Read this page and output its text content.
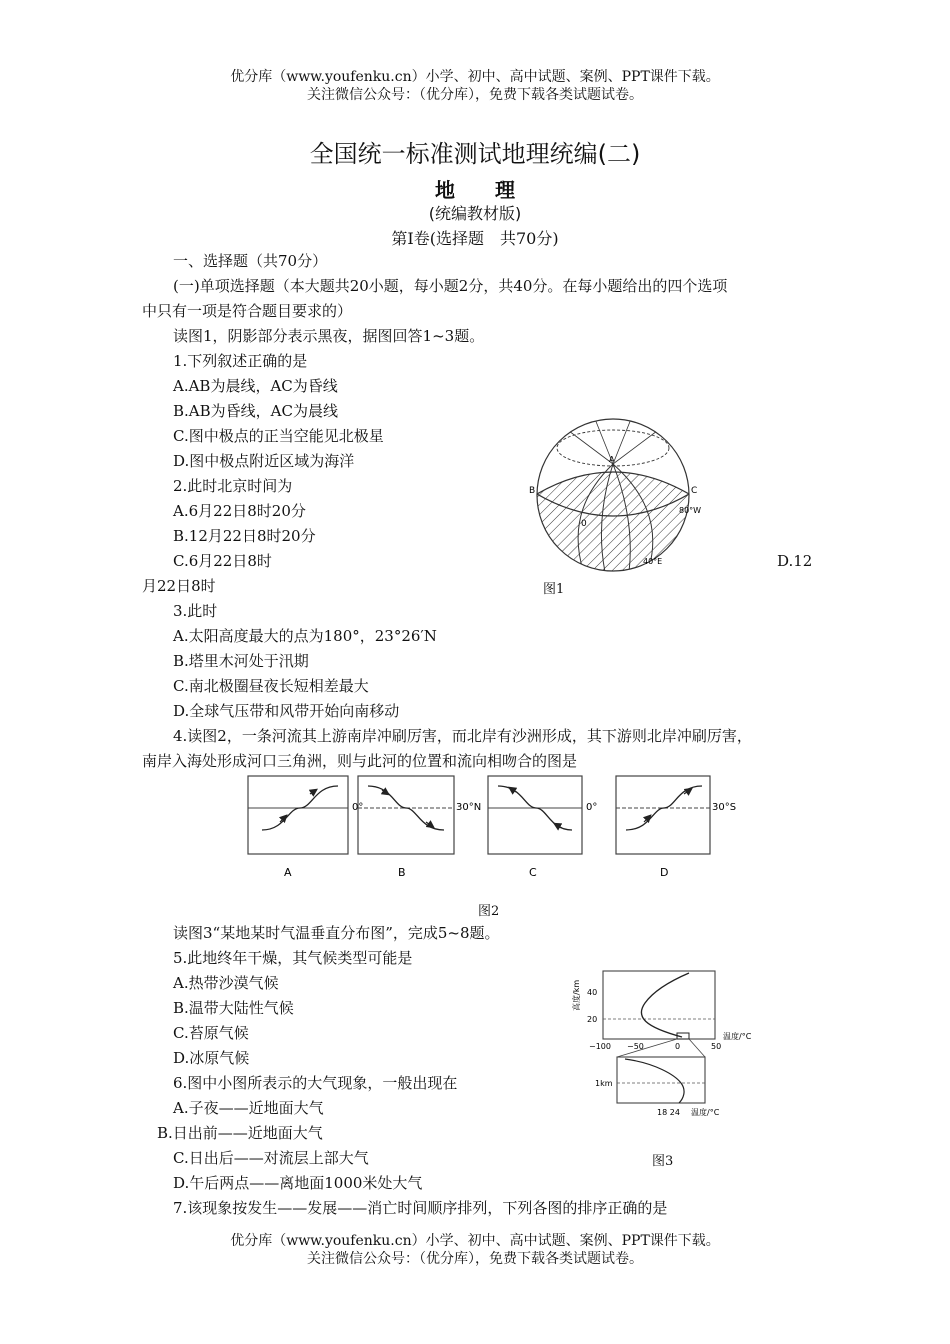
优分库（www.youfenku.cn）小学、初中、高中试题、案例、PPT课件下载。
关注微信公众号：（优分库），免费下载各类试题试卷。
全国统一标准测试地理统编(二)
地　　理
(统编教材版)
第Ⅰ卷(选择题　共70分)
一、选择题（共70分）
(一)单项选择题（本大题共20小题，每小题2分，共40分。在每小题给出的四个选项
中只有一项是符合题目要求的）
读图1，阴影部分表示黑夜，据图回答1~3题。
1.下列叙述正确的是
A.AB为晨线，AC为昏线
B.AB为昏线，AC为晨线
C.图中极点的正当空能见北极星
D.图中极点附近区域为海洋
2.此时北京时间为
A.6月22日8时20分
B.12月22日8时20分
C.6月22日8时	D.12
月22日8时
A
B	C
0
80°W
40°E
图1
3.此时
A.太阳高度最大的点为180°，23°26′N
B.塔里木河处于汛期
C.南北极圈昼夜长短相差最大
D.全球气压带和风带开始向南移动
4.读图2，一条河流其上游南岸冲刷厉害，而北岸有沙洲形成，其下游则北岸冲刷厉害，
南岸入海处形成河口三角洲，则与此河的位置和流向相吻合的图是
0°
A
30°N
B
0°
C
30°S
D
图2
读图3“某地某时气温垂直分布图”，完成5~8题。
5.此地终年干燥，其气候类型可能是
A.热带沙漠气候
B.温带大陆性气候
C.苔原气候
D.冰原气候
6.图中小图所表示的大气现象，一般出现在
A.子夜——近地面大气
B.日出前——近地面大气
C.日出后——对流层上部大气
D.午后两点——离地面1000米处大气
7.该现象按发生——发展——消亡时间顺序排列，下列各图的排序正确的是
高度/km 40
20
−100 −50	0	50
温度/°C
1km
18 24 温度/°C
图3
优分库（www.youfenku.cn）小学、初中、高中试题、案例、PPT课件下载。
关注微信公众号：（优分库），免费下载各类试题试卷。
